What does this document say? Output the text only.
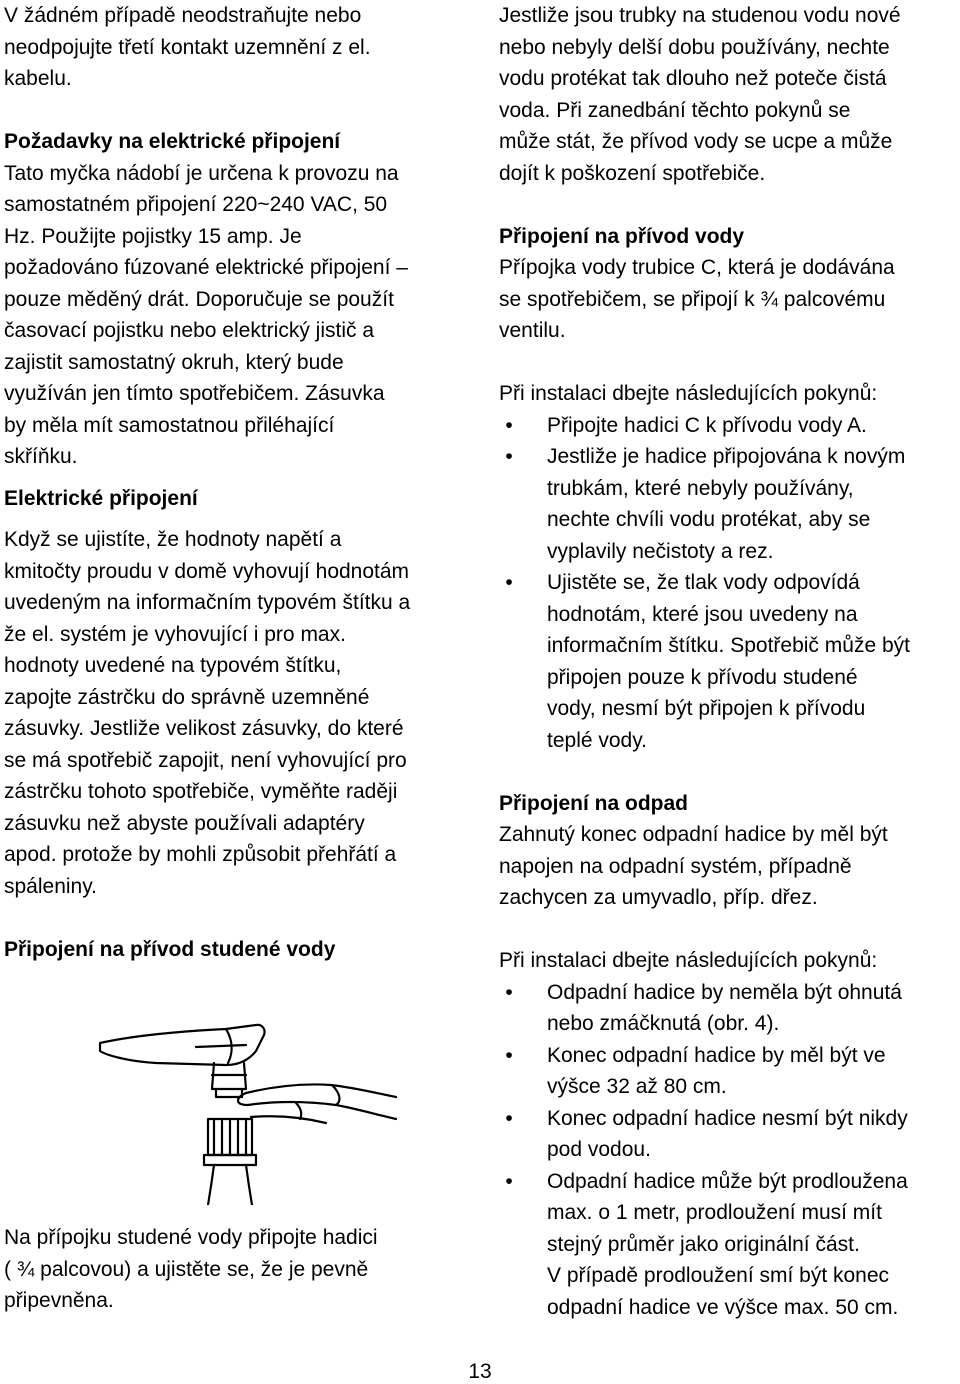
V žádném případě neodstraňujte nebo
neodpojujte třetí kontakt uzemnění z el.
kabelu.
Požadavky na elektrické připojení
Tato myčka nádobí je určena k provozu na
samostatném připojení 220~240 VAC, 50
Hz. Použijte pojistky 15 amp. Je
požadováno fúzované elektrické připojení –
pouze měděný drát. Doporučuje se použít
časovací pojistku nebo elektrický jistič a
zajistit samostatný okruh, který bude
využíván jen tímto spotřebičem. Zásuvka
by měla mít samostatnou přiléhající
skříňku.
Elektrické připojení
Když se ujistíte, že hodnoty napětí a
kmitočty proudu v domě vyhovují hodnotám
uvedeným na informačním typovém štítku a
že el. systém je vyhovující i pro max.
hodnoty uvedené na typovém štítku,
zapojte zástrčku do správně uzemněné
zásuvky. Jestliže velikost zásuvky, do které
se má spotřebič zapojit, není vyhovující pro
zástrčku tohoto spotřebiče, vyměňte raději
zásuvku než abyste používali adaptéry
apod. protože by mohli způsobit přehřátí a
spáleniny.
Připojení na přívod studené vody
Na přípojku studené vody připojte hadici
( ¾ palcovou) a ujistěte se, že je pevně
připevněna.
Jestliže jsou trubky na studenou vodu nové
nebo nebyly delší dobu používány, nechte
vodu protékat tak dlouho než poteče čistá
voda. Při zanedbání těchto pokynů se
může stát, že přívod vody se ucpe a může
dojít k poškození spotřebiče.
Připojení na přívod vody
Přípojka vody trubice C, která je dodávána
se spotřebičem, se připojí k ¾ palcovému
ventilu.
Při instalaci dbejte následujících pokynů:
•	Připojte hadici C k přívodu vody A.
•	Jestliže je hadice připojována k novým
trubkám, které nebyly používány,
nechte chvíli vodu protékat, aby se
vyplavily nečistoty a rez.
•	Ujistěte se, že tlak vody odpovídá
hodnotám, které jsou uvedeny na
informačním štítku. Spotřebič může být
připojen pouze k přívodu studené
vody, nesmí být připojen k přívodu
teplé vody.
Připojení na odpad
Zahnutý konec odpadní hadice by měl být
napojen na odpadní systém, případně
zachycen za umyvadlo, příp. dřez.
Při instalaci dbejte následujících pokynů:
•	Odpadní hadice by neměla být ohnutá
nebo zmáčknutá (obr. 4).
•	Konec odpadní hadice by měl být ve
výšce 32 až 80 cm.
•	Konec odpadní hadice nesmí být nikdy
pod vodou.
•	Odpadní hadice může být prodloužena
max. o 1 metr, prodloužení musí mít
stejný průměr jako originální část.
V případě prodloužení smí být konec
odpadní hadice ve výšce max. 50 cm.
13
